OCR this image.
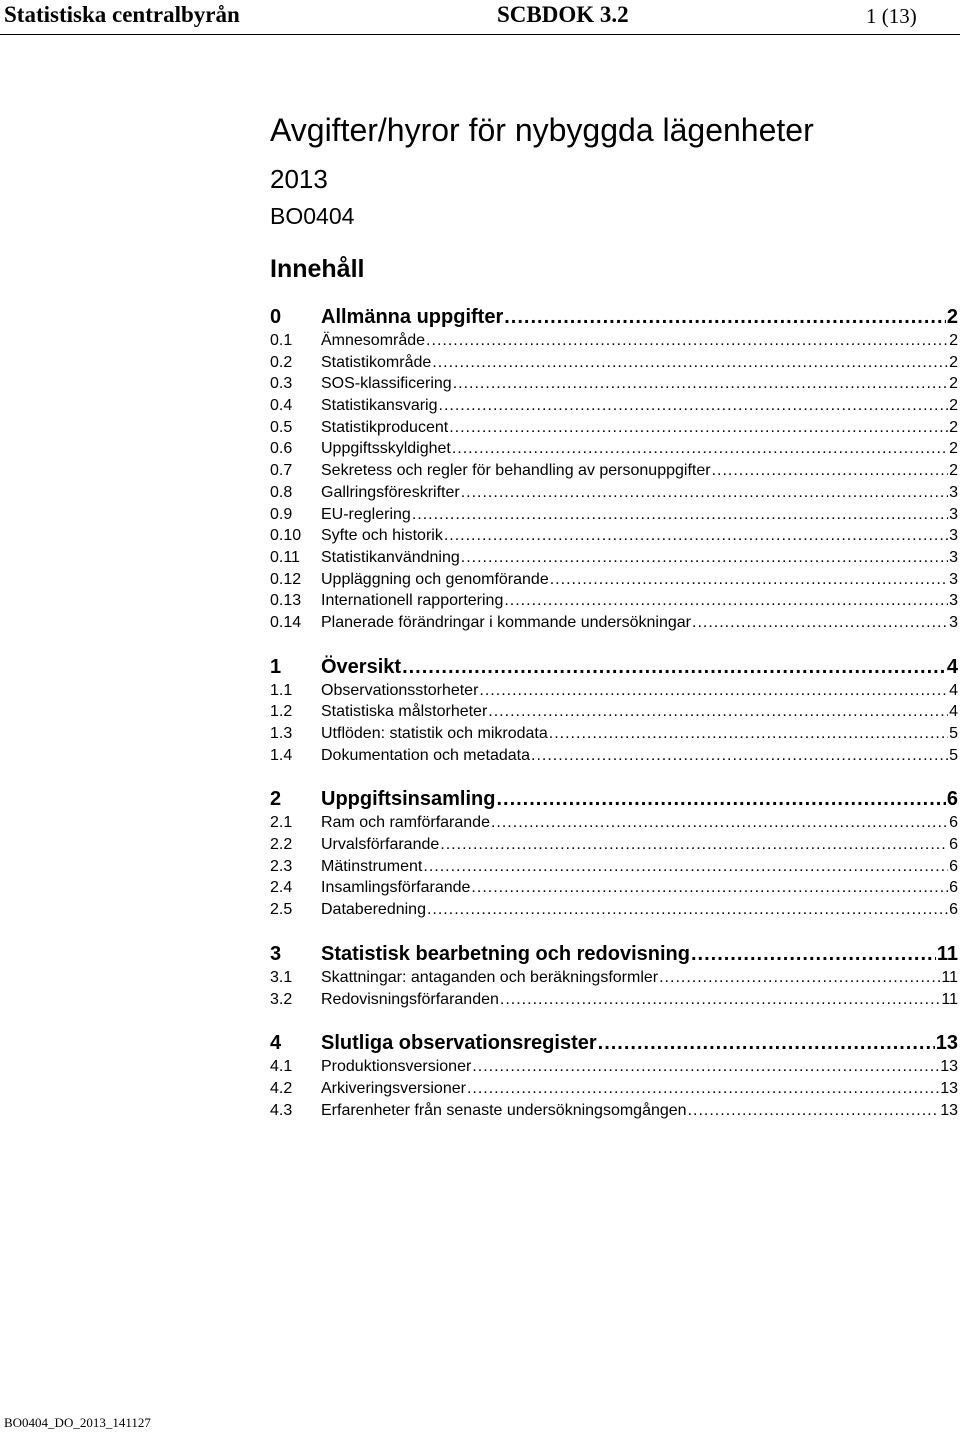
Statistiska centralbyrån	SCBDOK 3.2	1 (13)
Avgifter/hyror för nybyggda lägenheter
2013
BO0404
Innehåll
0	Allmänna uppgifter .....	2
0.1	Ämnesområde .....	2
0.2	Statistikområde .....	2
0.3	SOS-klassificering .....	2
0.4	Statistikansvarig .....	2
0.5	Statistikproducent .....	2
0.6	Uppgiftsskyldighet .....	2
0.7	Sekretess och regler för behandling av personuppgifter .....	2
0.8	Gallringsföreskrifter .....	3
0.9	EU-reglering .....	3
0.10	Syfte och historik .....	3
0.11	Statistikanvändning .....	3
0.12	Uppläggning och genomförande .....	3
0.13	Internationell rapportering .....	3
0.14	Planerade förändringar i kommande undersökningar .....	3
1	Översikt .....	4
1.1	Observationsstorheter .....	4
1.2	Statistiska målstorheter .....	4
1.3	Utflöden: statistik och mikrodata .....	5
1.4	Dokumentation och metadata .....	5
2	Uppgiftsinsamling .....	6
2.1	Ram och ramförfarande .....	6
2.2	Urvalsförfarande .....	6
2.3	Mätinstrument .....	6
2.4	Insamlingsförfarande .....	6
2.5	Databeredning .....	6
3	Statistisk bearbetning och redovisning .....	11
3.1	Skattningar: antaganden och beräkningsformler .....	11
3.2	Redovisningsförfaranden .....	11
4	Slutliga observationsregister .....	13
4.1	Produktionsversioner .....	13
4.2	Arkiveringsversioner .....	13
4.3	Erfarenheter från senaste undersökningsomgången .....	13
BO0404_DO_2013_141127
